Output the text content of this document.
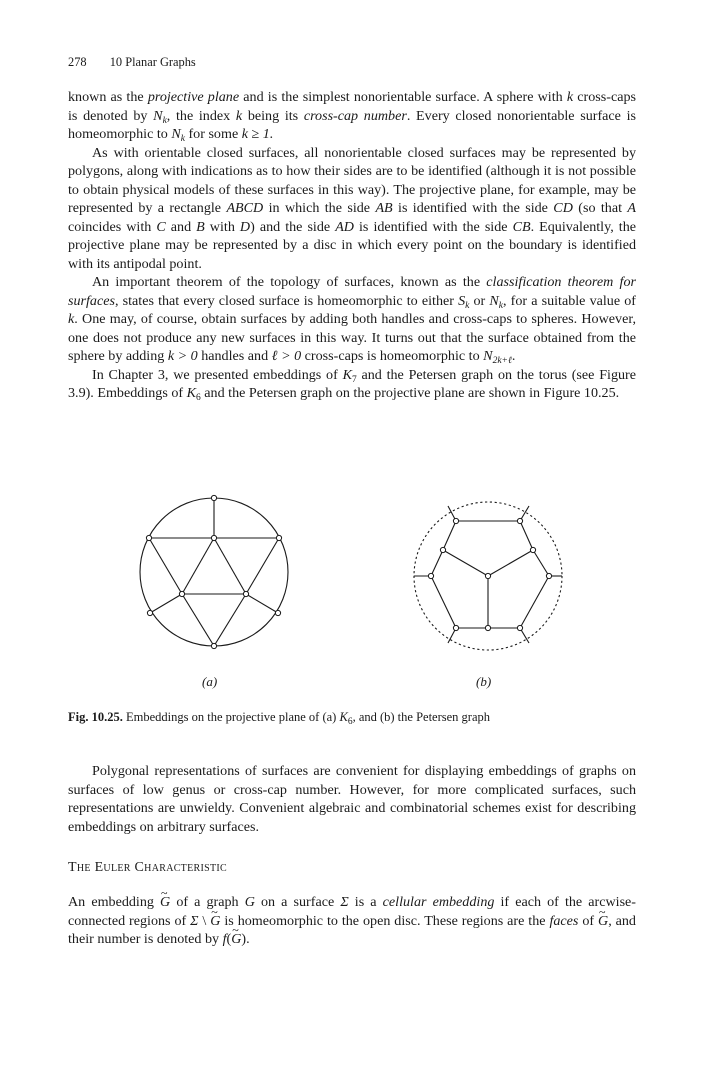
278 10 Planar Graphs

known as the projective plane and is the simplest nonorientable surface. A sphere with k cross-caps is denoted by $N_k$, the index k being its cross-cap number. Every closed nonorientable surface is homeomorphic to $N_k$ for some k ≥ 1.

As with orientable closed surfaces, all nonorientable closed surfaces may be represented by polygons, along with indications as to how their sides are to be identified (although it is not possible to obtain physical models of these surfaces in this way). The projective plane, for example, may be represented by a rectangle ABCD in which the side AB is identified with the side CD (so that A coincides with C and B with D) and the side AD is identified with the side CB. Equivalently, the projective plane may be represented by a disc in which every point on the boundary is identified with its antipodal point.

An important theorem of the topology of surfaces, known as the classification theorem for surfaces, states that every closed surface is homeomorphic to either $S_k$ or $N_k$, for a suitable value of k. One may, of course, obtain surfaces by adding both handles and cross-caps to spheres. However, one does not produce any new surfaces in this way. It turns out that the surface obtained from the sphere by adding k > 0 handles and ℓ > 0 cross-caps is homeomorphic to $N_{2k+\ell}$.

In Chapter 3, we presented embeddings of $K_7$ and the Petersen graph on the torus (see Figure 3.9). Embeddings of $K_6$ and the Petersen graph on the projective plane are shown in Figure 10.25.

(a)	(b)
Fig. 10.25. Embeddings on the projective plane of (a) $K_6$, and (b) the Petersen graph

Polygonal representations of surfaces are convenient for displaying embeddings of graphs on surfaces of low genus or cross-cap number. However, for more complicated surfaces, such representations are unwieldy. Convenient algebraic and combinatorial schemes exist for describing embeddings on arbitrary surfaces.

The Euler Characteristic

An embedding ~ G of a graph G on a surface Σ is a cellular embedding if each of the arcwise-connected regions of Σ \ ~ G is homeomorphic to the open disc. These regions are the faces of ~ G, and their number is denoted by f(~ G).
